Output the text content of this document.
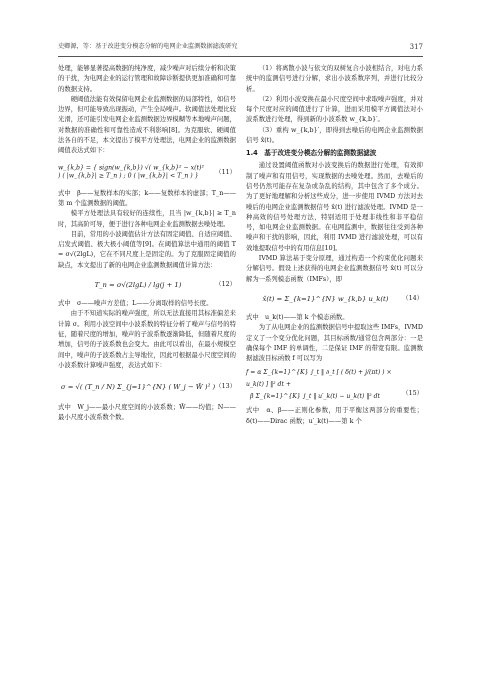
史卿源，等：基于改进变分模态分解的电网企业监测数据滤波研究	317

处理，能够显著提高数据的纯净度，减少噪声对后续分析和决策的干扰，为电网企业的运行管理和故障诊断提供更加准确和可靠的数据支持。

硬阈值法能有效保留电网企业监测数据的局部特性，如信号边界，但可能导致出现振动，产生全局噪声。软阈值法处理比较光滑，还可能引发电网企业监测数据边界模糊等本地噪声问题，对数据的准确性和可靠性造成不利影响[8]。为克服软、硬阈值法各自的不足，本文提出了模平方处理法，电网企业的监测数据阈值表达式如下：

w_{k,b} = { sign(w_{k,b}) √( w_{k,b}² − x(t)² ) ( |w_{k,b}| ≥ T_n ) ; 0 ( |w_{k,b}| < T_n ) }
（11）

式中　β——复数样本的实部；k——复数样本的虚部；T_n——第 m 个监测数据的阈值。

模平方处理法具有较好的连续性，且当 |w_{k,b}| ≥ T_n 时，其高阶可导，便于进行各种电网企业监测数据去噪处理。

目前，常用的小波阈值估计方法有固定阈值、自适应阈值、启发式阈值、极大极小阈值等[9]。在阈值算法中通用的阈值 T = σ√(2lgL)，它在不同尺度上是固定的。为了克服固定阈值的缺点，本文提出了新的电网企业监测数据阈值计算方法：

T_n = σ√(2lgL) / lg(j + 1)	（12）

式中　σ——噪声方差值；L——分离取样的信号长度。

由于不知道实际的噪声强度，所以无法直接用其标准偏差来计算 σ。利用小波空间中小波系数的特征分析了噪声与信号的特征，随着尺度的增加，噪声的子波系数逐渐降低，但随着尺度的增加，信号的子波系数也会变大。由此可以看出，在最小规模空间中，噪声的子波系数占主导地位，因此可根据最小尺度空间的小波系数计算噪声强度，表达式如下：

σ = √( (T_n / N) Σ_{j=1}^{N} ( W_j − W̄ )² ) （13）

式中　W_j——最小尺度空间的小波系数；W̄——均值；N——最小尺度小波系数个数。

（1）将离散小波与依文的双树复合小波相结合，对电力系统中的监测信号进行分解，求出小波系数序列，并进行比较分析。

（2）利用小波变换在最小尺度空间中求取噪声强度，并对每个尺度对应的阈值进行了计算，进而采用模平方阈值法对小波系数进行处理，得到新的小波系数 w_{k,b}′。

（3）重构 w_{k,b}′，即得到去噪后的电网企业监测数据信号 x̂(t)。

1.4　基于改进变分模态分解的监测数据滤波

通过设置阈值函数对小波变换后的数据进行处理，有效抑制了噪声和有用信号，实现数据的去噪处理。然而，去噪后的信号仍然可能存在复杂或杂乱的结构，其中包含了多个成分。为了更好地理解和分析这些成分，进一步使用 IVMD 方法对去噪后的电网企业监测数据信号 x̂(t) 进行滤波处理。IVMD 是一种高效的信号处理方法，特别适用于处理非线性和非平稳信号，如电网企业监测数据。在电网监测中，数据往往受到各种噪声和干扰的影响，因此，利用 IVMD 进行滤波处理，可以有效地提取信号中的有用信息[10]。

IVMD 算法基于变分原理，通过构造一个约束优化问题来分解信号。假设上述获得的电网企业监测数据信号 x̂(t) 可以分解为一系列模态函数（IMFs），即

x̂(t) = Σ_{k=1}^{N} w_{k,b} u_k(t)	（14）

式中　u_k(t)——第 k 个模态函数。

为了从电网企业的监测数据信号中提取这些 IMFs，IVMD 定义了一个变分优化问题，其目标函数/通常包含两部分：一是确保每个 IMF 的单调性，二是保证 IMF 的带宽有限。监测数据滤波目标函数 f 可以写为

f = α Σ_{k=1}^{K} ∫_t ‖ ∂_t [ ( δ(t) + j/(πt) ) × u_k(t) ] ‖² dt +
β Σ_{k=1}^{K} ∫_t ‖ u′_k(t) − u_k(t) ‖² dt	（15）

式中　α、β——正则化参数，用于平衡这两部分的重要性；δ(t)——Dirac 函数；u′_k(t)——第 k 个
